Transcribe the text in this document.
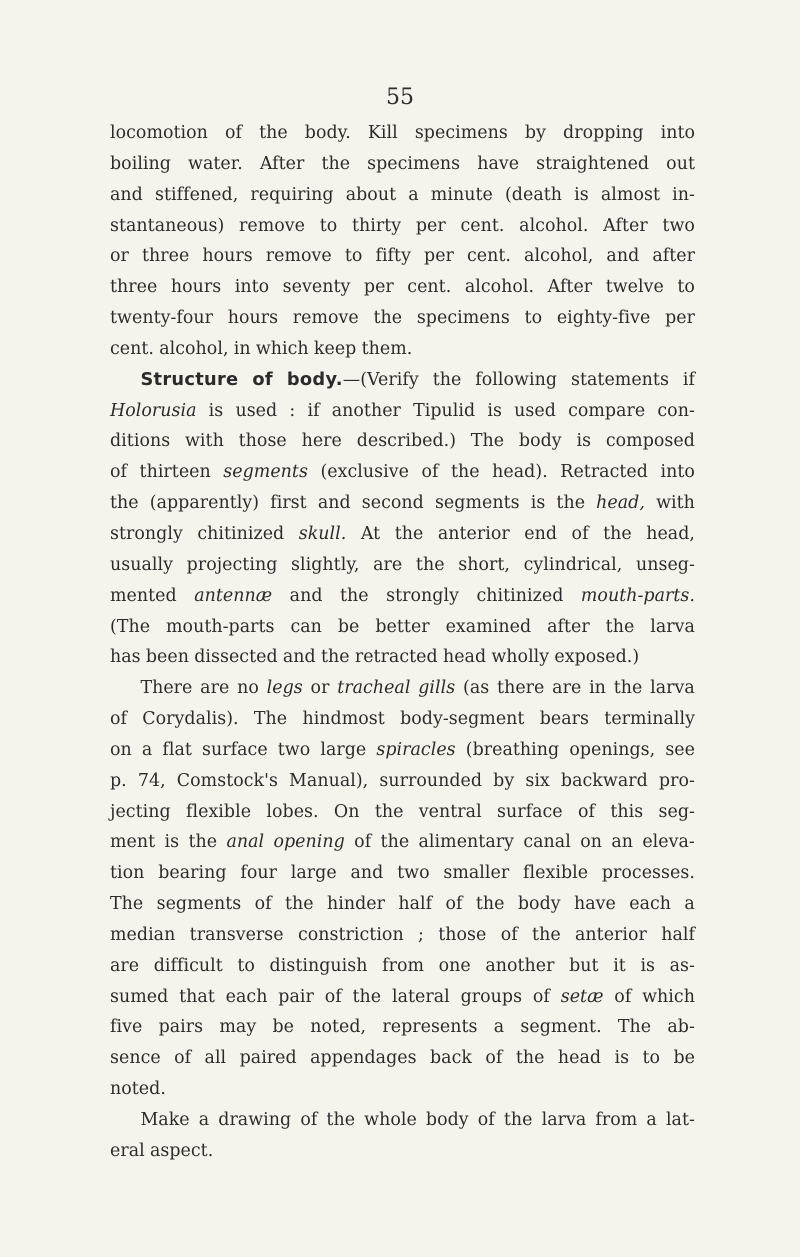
55
locomotion of the body. Kill specimens by dropping into
boiling water. After the specimens have straightened out
and stiffened, requiring about a minute (death is almost in-
stantaneous) remove to thirty per cent. alcohol. After two
or three hours remove to fifty per cent. alcohol, and after
three hours into seventy per cent. alcohol. After twelve to
twenty-four hours remove the specimens to eighty-five per
cent. alcohol, in which keep them.
Structure of body.—(Verify the following statements if
Holorusia is used : if another Tipulid is used compare con-
ditions with those here described.) The body is composed
of thirteen segments (exclusive of the head). Retracted into
the (apparently) first and second segments is the head, with
strongly chitinized skull. At the anterior end of the head,
usually projecting slightly, are the short, cylindrical, unseg-
mented antennæ and the strongly chitinized mouth-parts.
(The mouth-parts can be better examined after the larva
has been dissected and the retracted head wholly exposed.)
There are no legs or tracheal gills (as there are in the larva
of Corydalis). The hindmost body-segment bears terminally
on a flat surface two large spiracles (breathing openings, see
p. 74, Comstock's Manual), surrounded by six backward pro-
jecting flexible lobes. On the ventral surface of this seg-
ment is the anal opening of the alimentary canal on an eleva-
tion bearing four large and two smaller flexible processes.
The segments of the hinder half of the body have each a
median transverse constriction ; those of the anterior half
are difficult to distinguish from one another but it is as-
sumed that each pair of the lateral groups of setæ of which
five pairs may be noted, represents a segment. The ab-
sence of all paired appendages back of the head is to be
noted.
Make a drawing of the whole body of the larva from a lat-
eral aspect.
